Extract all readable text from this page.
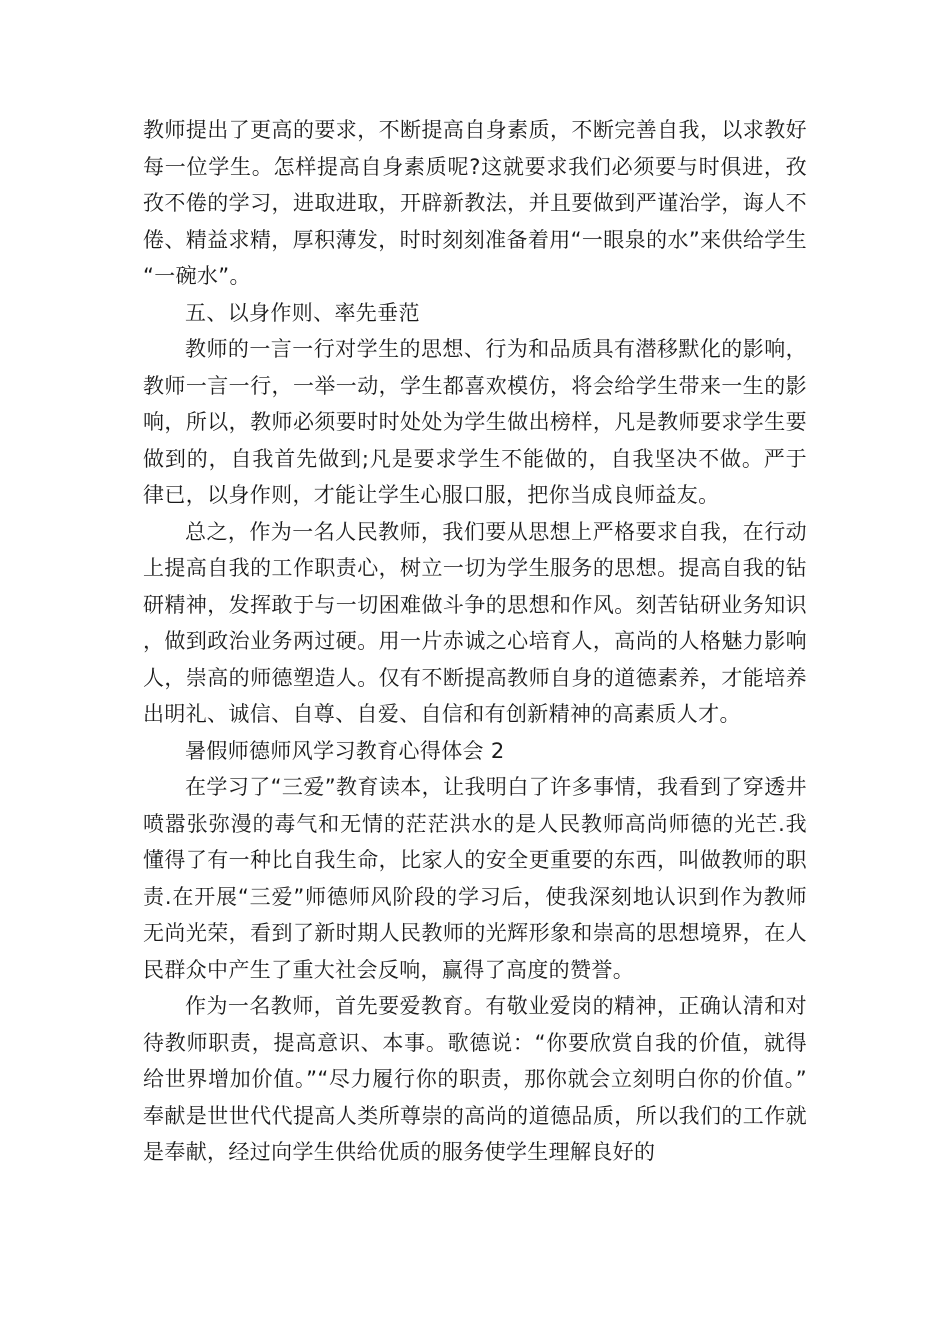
教师提出了更高的要求，不断提高自身素质，不断完善自我，以求教好每一位学生。怎样提高自身素质呢?这就要求我们必须要与时俱进，孜孜不倦的学习，进取进取，开辟新教法，并且要做到严谨治学，诲人不倦、精益求精，厚积薄发，时时刻刻准备着用“一眼泉的水”来供给学生“一碗水”。

五、以身作则、率先垂范

教师的一言一行对学生的思想、行为和品质具有潜移默化的影响，教师一言一行，一举一动，学生都喜欢模仿，将会给学生带来一生的影响，所以，教师必须要时时处处为学生做出榜样，凡是教师要求学生要做到的，自我首先做到;凡是要求学生不能做的，自我坚决不做。严于律已，以身作则，才能让学生心服口服，把你当成良师益友。

总之，作为一名人民教师，我们要从思想上严格要求自我，在行动上提高自我的工作职责心，树立一切为学生服务的思想。提高自我的钻研精神，发挥敢于与一切困难做斗争的思想和作风。刻苦钻研业务知识，做到政治业务两过硬。用一片赤诚之心培育人，高尚的人格魅力影响人，崇高的师德塑造人。仅有不断提高教师自身的道德素养，才能培养出明礼、诚信、自尊、自爱、自信和有创新精神的高素质人才。

暑假师德师风学习教育心得体会 2

在学习了“三爱”教育读本，让我明白了许多事情，我看到了穿透井喷嚣张弥漫的毒气和无情的茫茫洪水的是人民教师高尚师德的光芒.我懂得了有一种比自我生命，比家人的安全更重要的东西，叫做教师的职责.在开展“三爱”师德师风阶段的学习后，使我深刻地认识到作为教师无尚光荣，看到了新时期人民教师的光辉形象和崇高的思想境界，在人民群众中产生了重大社会反响，赢得了高度的赞誉。

作为一名教师，首先要爱教育。有敬业爱岗的精神，正确认清和对待教师职责，提高意识、本事。歌德说：“你要欣赏自我的价值，就得给世界增加价值。”“尽力履行你的职责，那你就会立刻明白你的价值。”奉献是世世代代提高人类所尊崇的高尚的道德品质，所以我们的工作就是奉献，经过向学生供给优质的服务使学生理解良好的
